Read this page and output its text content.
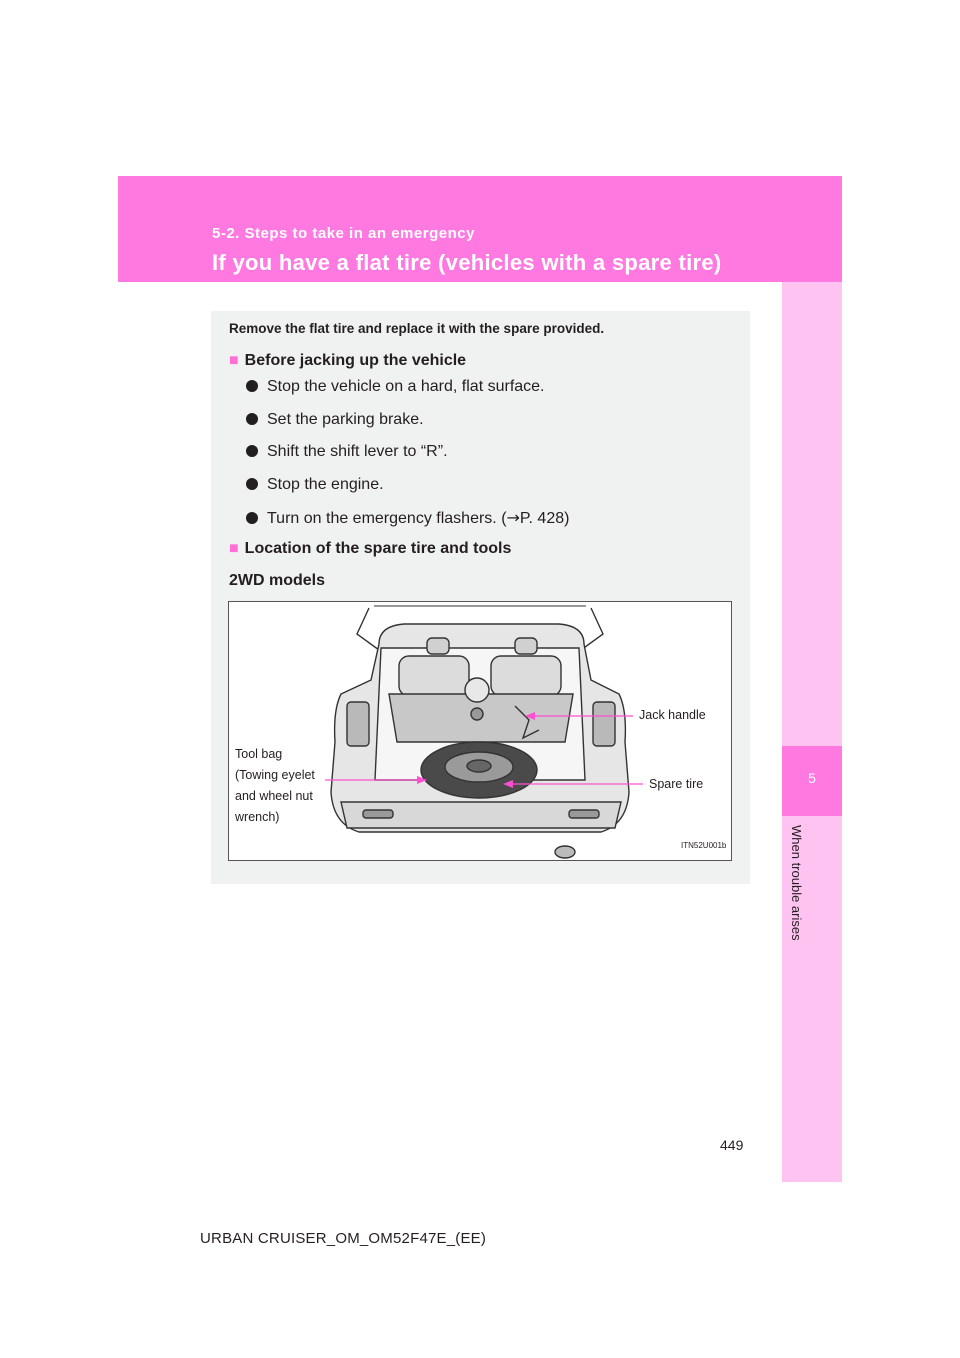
5-2. Steps to take in an emergency
If you have a flat tire (vehicles with a spare tire)
5
When trouble arises
Remove the flat tire and replace it with the spare provided.
■ Before jacking up the vehicle
Stop the vehicle on a hard, flat surface.
Set the parking brake.
Shift the shift lever to “R”.
Stop the engine.
Turn on the emergency flashers. (→P. 428)
■ Location of the spare tire and tools
2WD models
Jack handle
Spare tire
Tool bag
(Towing eyelet
and wheel nut
wrench)
ITN52U001b
449
URBAN CRUISER_OM_OM52F47E_(EE)
